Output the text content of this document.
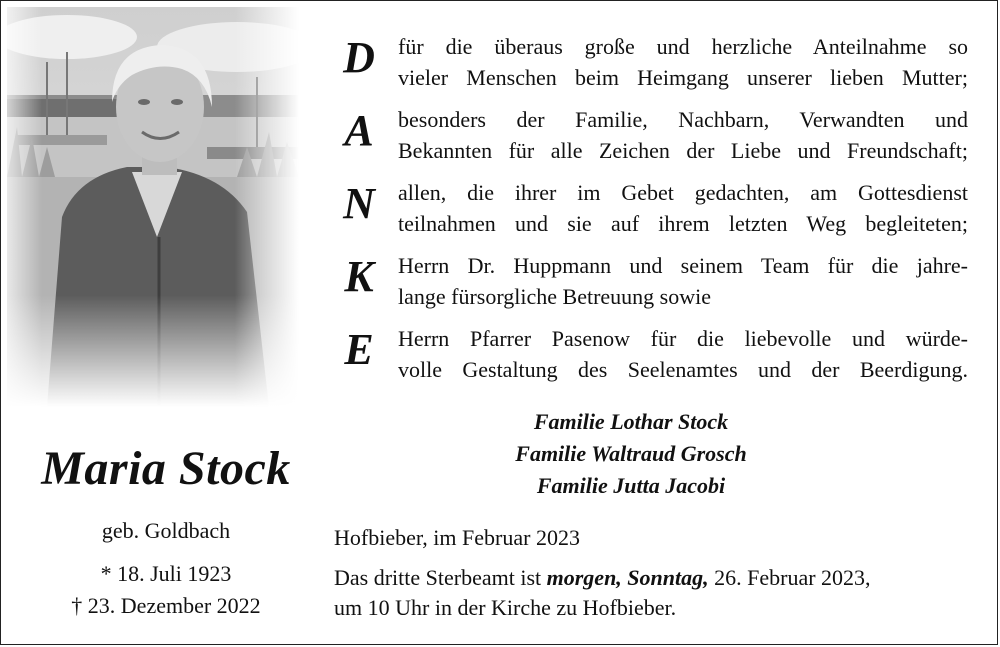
Maria Stock
geb. Goldbach
* 18. Juli 1923
† 23. Dezember 2022
D	für die überaus große und herzliche Anteilnahme so
vieler Menschen beim Heimgang unserer lieben Mutter;
A	besonders der Familie, Nachbarn, Verwandten und
Bekannten für alle Zeichen der Liebe und Freundschaft;
N	allen, die ihrer im Gebet gedachten, am Gottesdienst
teilnahmen und sie auf ihrem letzten Weg begleiteten;
K	Herrn Dr. Huppmann und seinem Team für die jahre-
lange fürsorgliche Betreuung sowie
E	Herrn Pfarrer Pasenow für die liebevolle und würde-
volle Gestaltung des Seelenamtes und der Beerdigung.
Familie Lothar Stock
Familie Waltraud Grosch
Familie Jutta Jacobi
Hofbieber, im Februar 2023
Das dritte Sterbeamt ist morgen, Sonntag, 26. Februar 2023,
um 10 Uhr in der Kirche zu Hofbieber.
